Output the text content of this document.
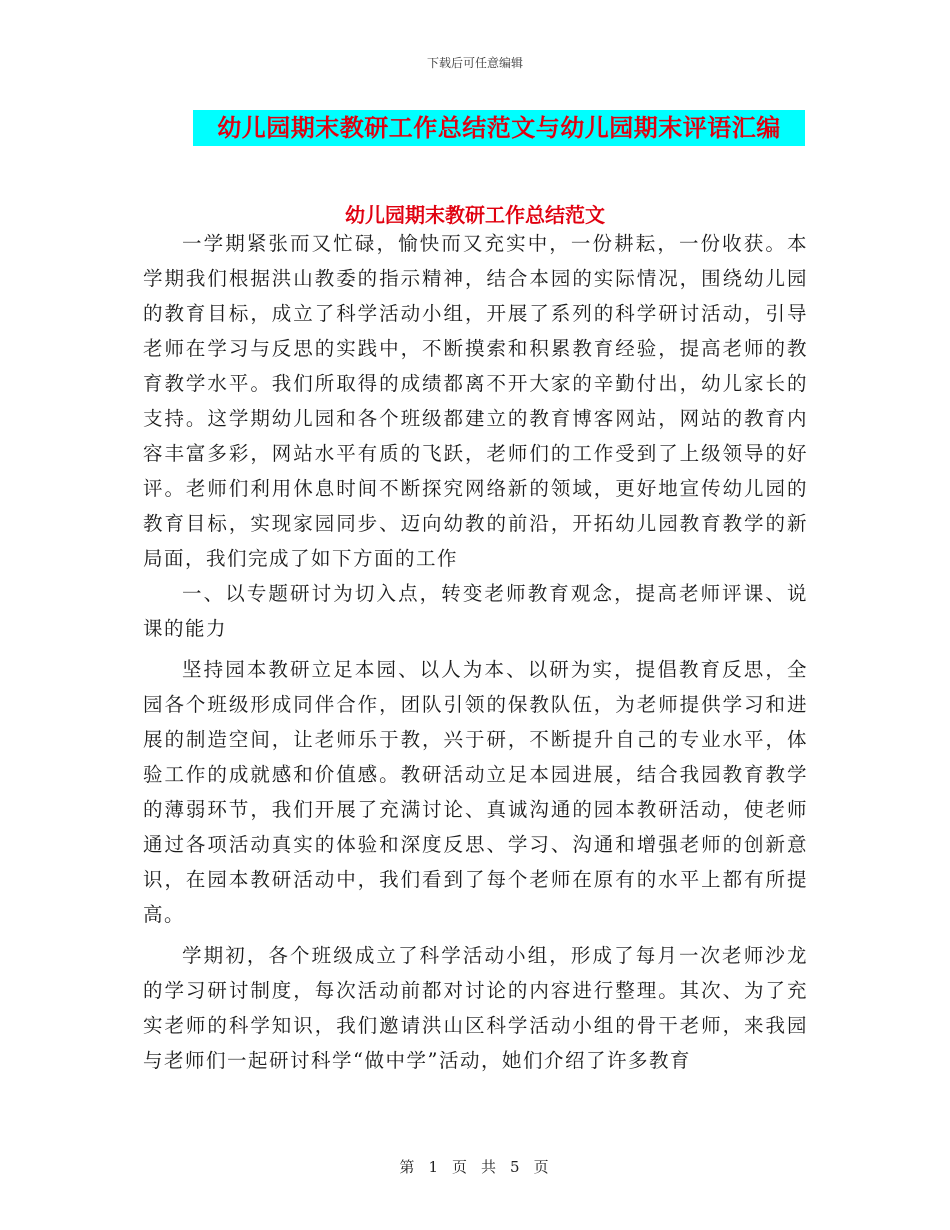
下载后可任意编辑
幼儿园期末教研工作总结范文与幼儿园期末评语汇编
幼儿园期末教研工作总结范文

一学期紧张而又忙碌，愉快而又充实中，一份耕耘，一份收获。本学期我们根据洪山教委的指示精神，结合本园的实际情况，围绕幼儿园的教育目标，成立了科学活动小组，开展了系列的科学研讨活动，引导老师在学习与反思的实践中，不断摸索和积累教育经验，提高老师的教育教学水平。我们所取得的成绩都离不开大家的辛勤付出，幼儿家长的支持。这学期幼儿园和各个班级都建立的教育博客网站，网站的教育内容丰富多彩，网站水平有质的飞跃，老师们的工作受到了上级领导的好评。老师们利用休息时间不断探究网络新的领域，更好地宣传幼儿园的教育目标，实现家园同步、迈向幼教的前沿，开拓幼儿园教育教学的新局面，我们完成了如下方面的工作

一、以专题研讨为切入点，转变老师教育观念，提高老师评课、说课的能力

坚持园本教研立足本园、以人为本、以研为实，提倡教育反思，全园各个班级形成同伴合作，团队引领的保教队伍，为老师提供学习和进展的制造空间，让老师乐于教，兴于研，不断提升自己的专业水平，体验工作的成就感和价值感。教研活动立足本园进展，结合我园教育教学的薄弱环节，我们开展了充满讨论、真诚沟通的园本教研活动，使老师通过各项活动真实的体验和深度反思、学习、沟通和增强老师的创新意识，在园本教研活动中，我们看到了每个老师在原有的水平上都有所提高。

学期初，各个班级成立了科学活动小组，形成了每月一次老师沙龙的学习研讨制度，每次活动前都对讨论的内容进行整理。其次、为了充实老师的科学知识，我们邀请洪山区科学活动小组的骨干老师，来我园与老师们一起研讨科学“做中学”活动，她们介绍了许多教育

第 1 页 共 5 页
